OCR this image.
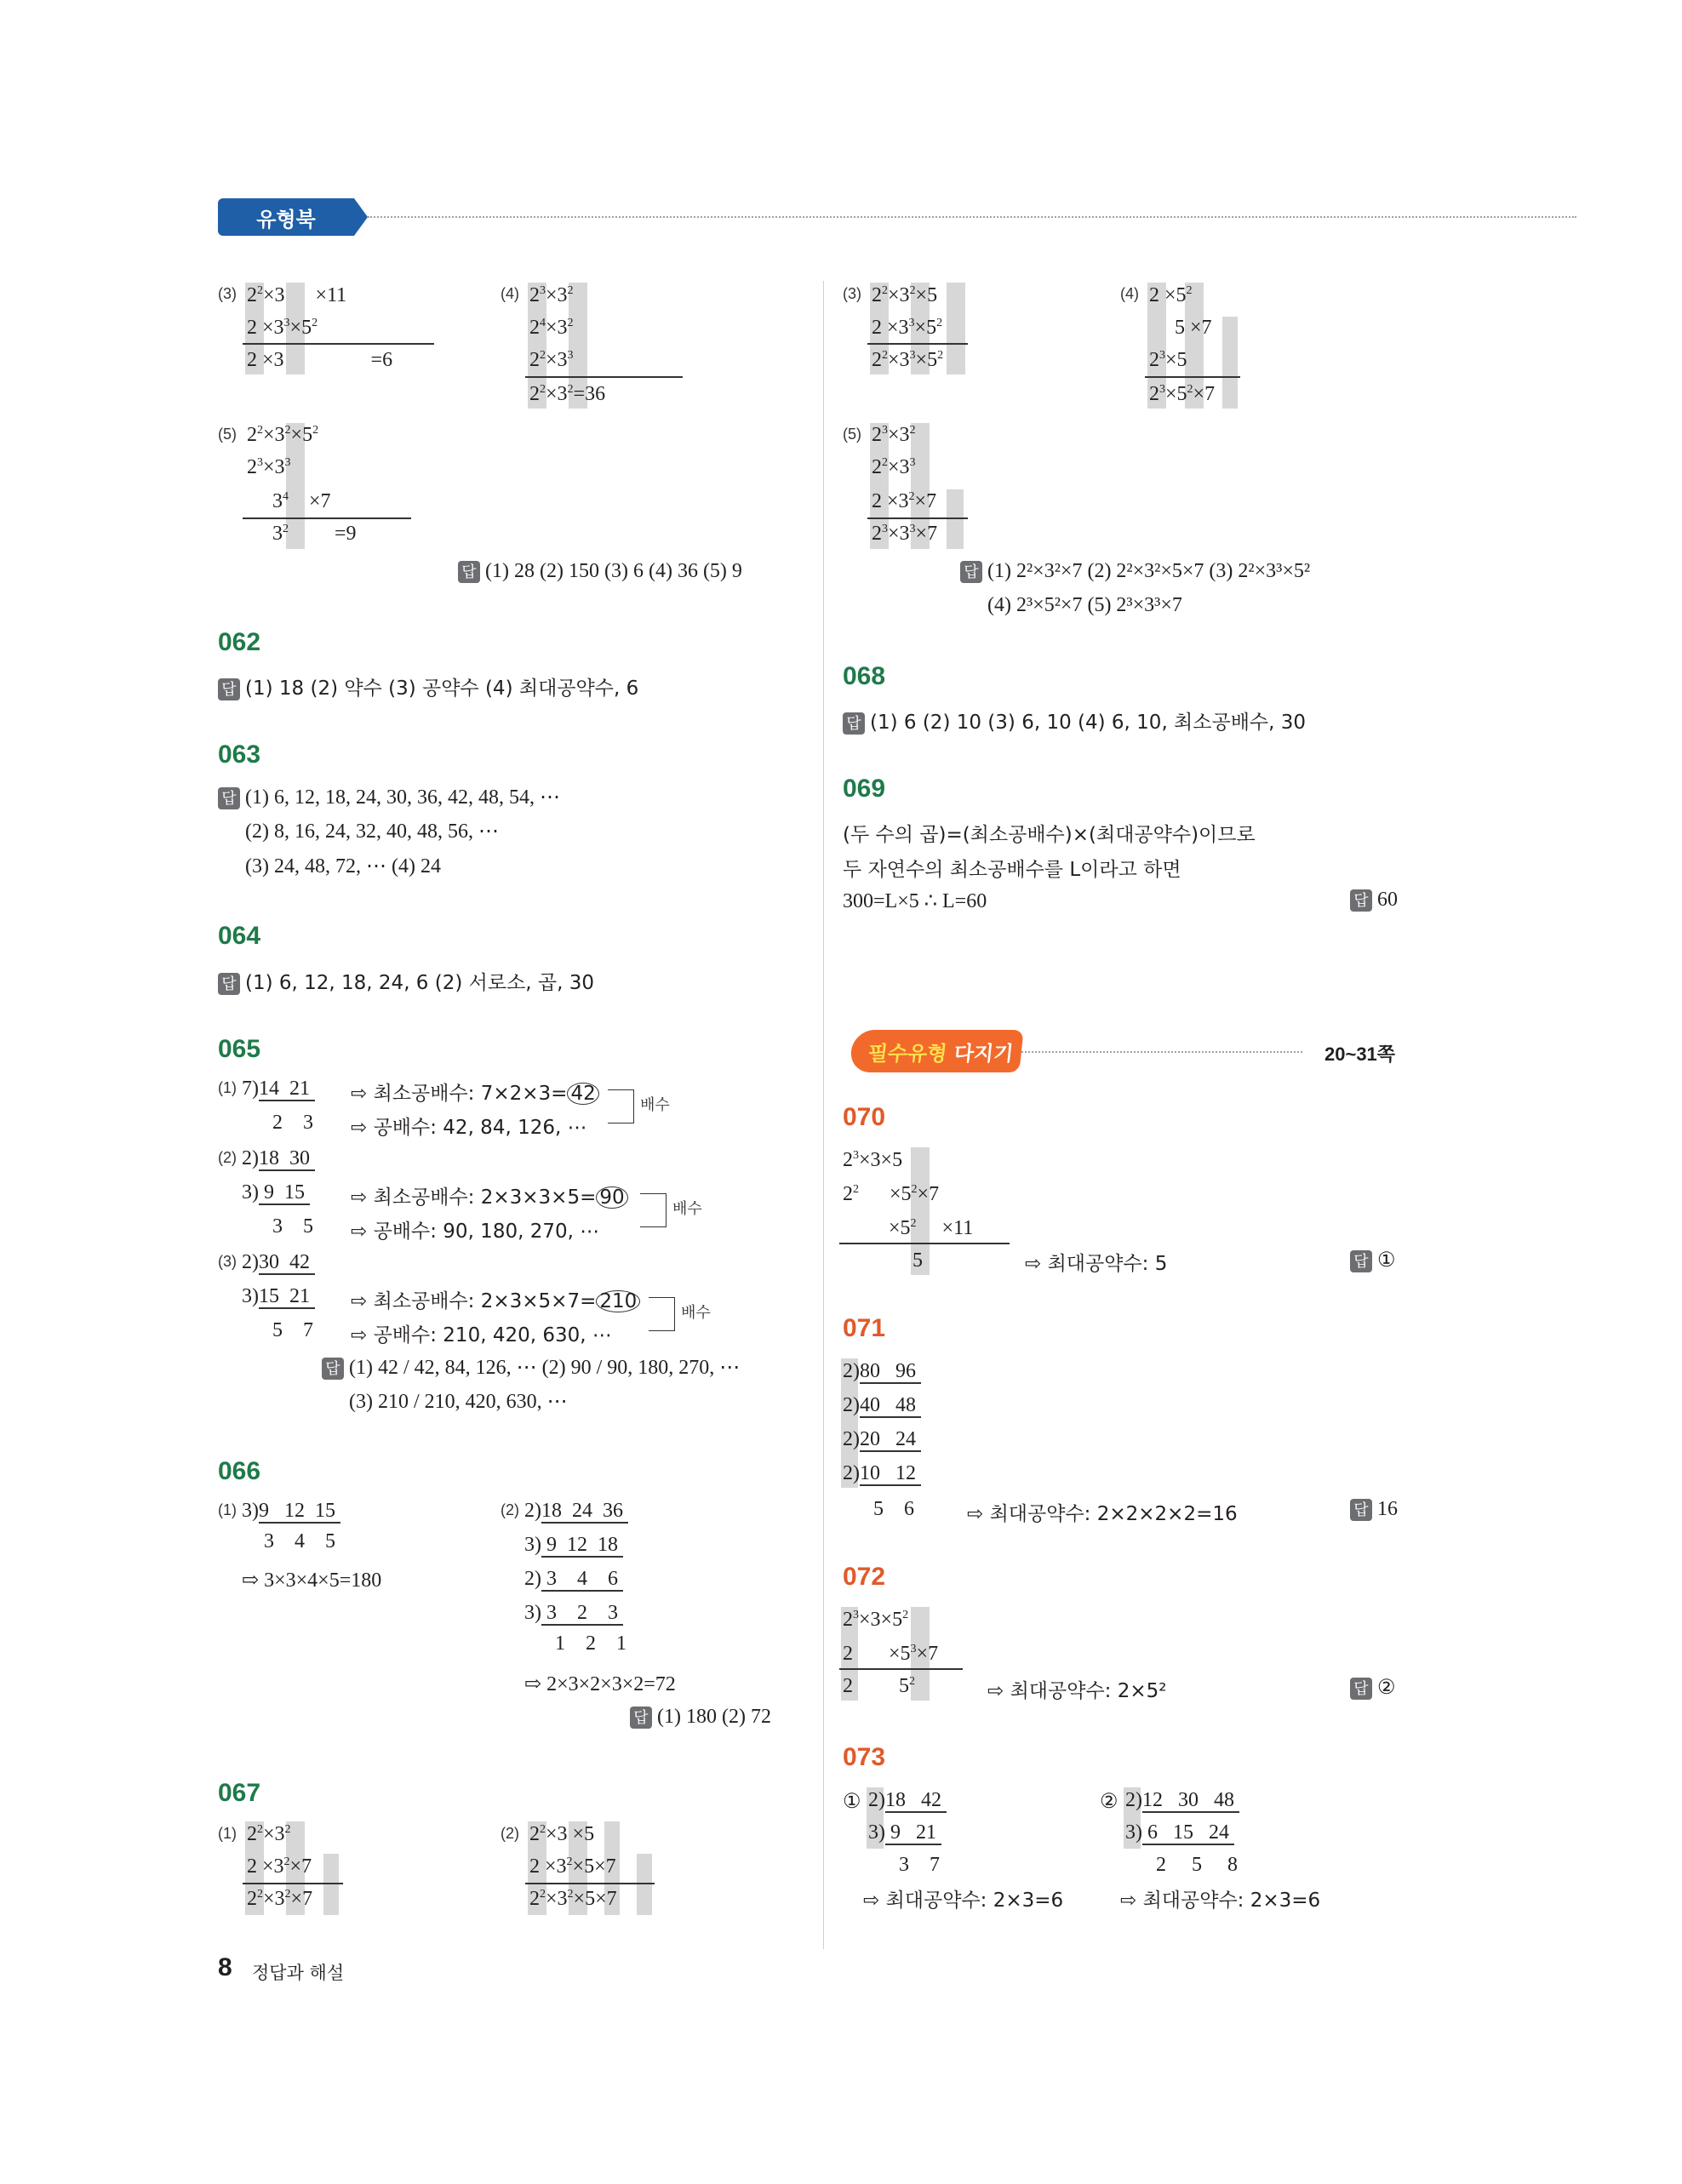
유형북
(3) $2^2\times 3$      ×11
$2 \times 3^3\times 5^2$
2 ×3                 =6
(4) $2^3\times 3^2$
$2^4\times 3^2$
$2^2\times 3^3$
$2^2\times 3^2=36$
(5) $2^2\times 3^2\times 5^2$
$2^3\times 3^3$
$3^4$    ×7
$3^2 =9$
답 (1) 28 (2) 150 (3) 6 (4) 36 (5) 9
062
답 (1) 18 (2) 약수 (3) 공약수 (4) 최대공약수, 6
063
답 (1) 6, 12, 18, 24, 30, 36, 42, 48, 54, ⋯
(2) 8, 16, 24, 32, 40, 48, 56, ⋯
(3) 24, 48, 72, ⋯ (4) 24
064
답 (1) 6, 12, 18, 24, 6 (2) 서로소, 곱, 30
065
(1) 7)14  21
2    3
⇨ 최소공배수: 7×2×3= 42
⇨ 공배수: 42, 84, 126, ⋯
배수
(2) 2)18  30
3) 9  15
3    5
⇨ 최소공배수: 2×3×3×5= 90
⇨ 공배수: 90, 180, 270, ⋯
배수
(3) 2)30  42
3)15  21
5    7
⇨ 최소공배수: 2×3×5×7= 210
⇨ 공배수: 210, 420, 630, ⋯
배수
답 (1) 42 / 42, 84, 126, ⋯ (2) 90 / 90, 180, 270, ⋯
(3) 210 / 210, 420, 630, ⋯
066
(1) 3)9   12  15
3    4    5
⇨ 3×3×4×5=180
(2) 2)18  24  36
3) 9  12  18
2) 3    4    6
3) 3    2    3
1    2    1
⇨ 2×3×2×3×2=72
답 (1) 180 (2) 72
067
(1) $2^2\times 3^2$
$2 \times 3^2\times 7$
$2^2\times 3^2\times 7$
(2) $2^2\times 3 \times 5$
$2 \times 3^2\times 5\times 7$
$2^2\times 3^2\times 5\times 7$
(3) $2^2\times 3^2\times 5$
$2 \times 3^3\times 5^2$
$2^2\times 3^3\times 5^2$
(4) $2 \times 5^2$
5 ×7
$2^3\times 5$
$2^3\times 5^2\times 7$
(5) $2^3\times 3^2$
$2^2\times 3^3$
$2 \times 3^2\times 7$
$2^3\times 3^3\times 7$
답 (1) 2²×3²×7 (2) 2²×3²×5×7 (3) 2²×3³×5²
(4) 2³×5²×7 (5) 2³×3³×7
068
답 (1) 6 (2) 10 (3) 6, 10 (4) 6, 10, 최소공배수, 30
069
(두 수의 곱)=(최소공배수)×(최대공약수)이므로
두 자연수의 최소공배수를 L이라고 하면
300=L×5 ∴ L=60	답 60
필수유형
다지기	20~31쪽
070
$2^3\times 3\times 5$
$2^2$      $\times 5^2\times 7$
$\times 5^2$     ×11
5	⇨ 최대공약수: 5	답 ①
071
2)80   96
2)40   48
2)20   24
2)10   12
5    6	⇨ 최대공약수: 2×2×2×2=16	답 16
072
$2^3\times 3\times 5^2$
2       $\times 5^3\times 7$
2         $5^2$	⇨ 최대공약수: 2×5²	답 ②
073
① 2)18   42
3) 9   21
3    7
⇨ 최대공약수: 2×3=6
② 2)12   30   48
3) 6   15   24
2     5     8
⇨ 최대공약수: 2×3=6
8 정답과 해설
